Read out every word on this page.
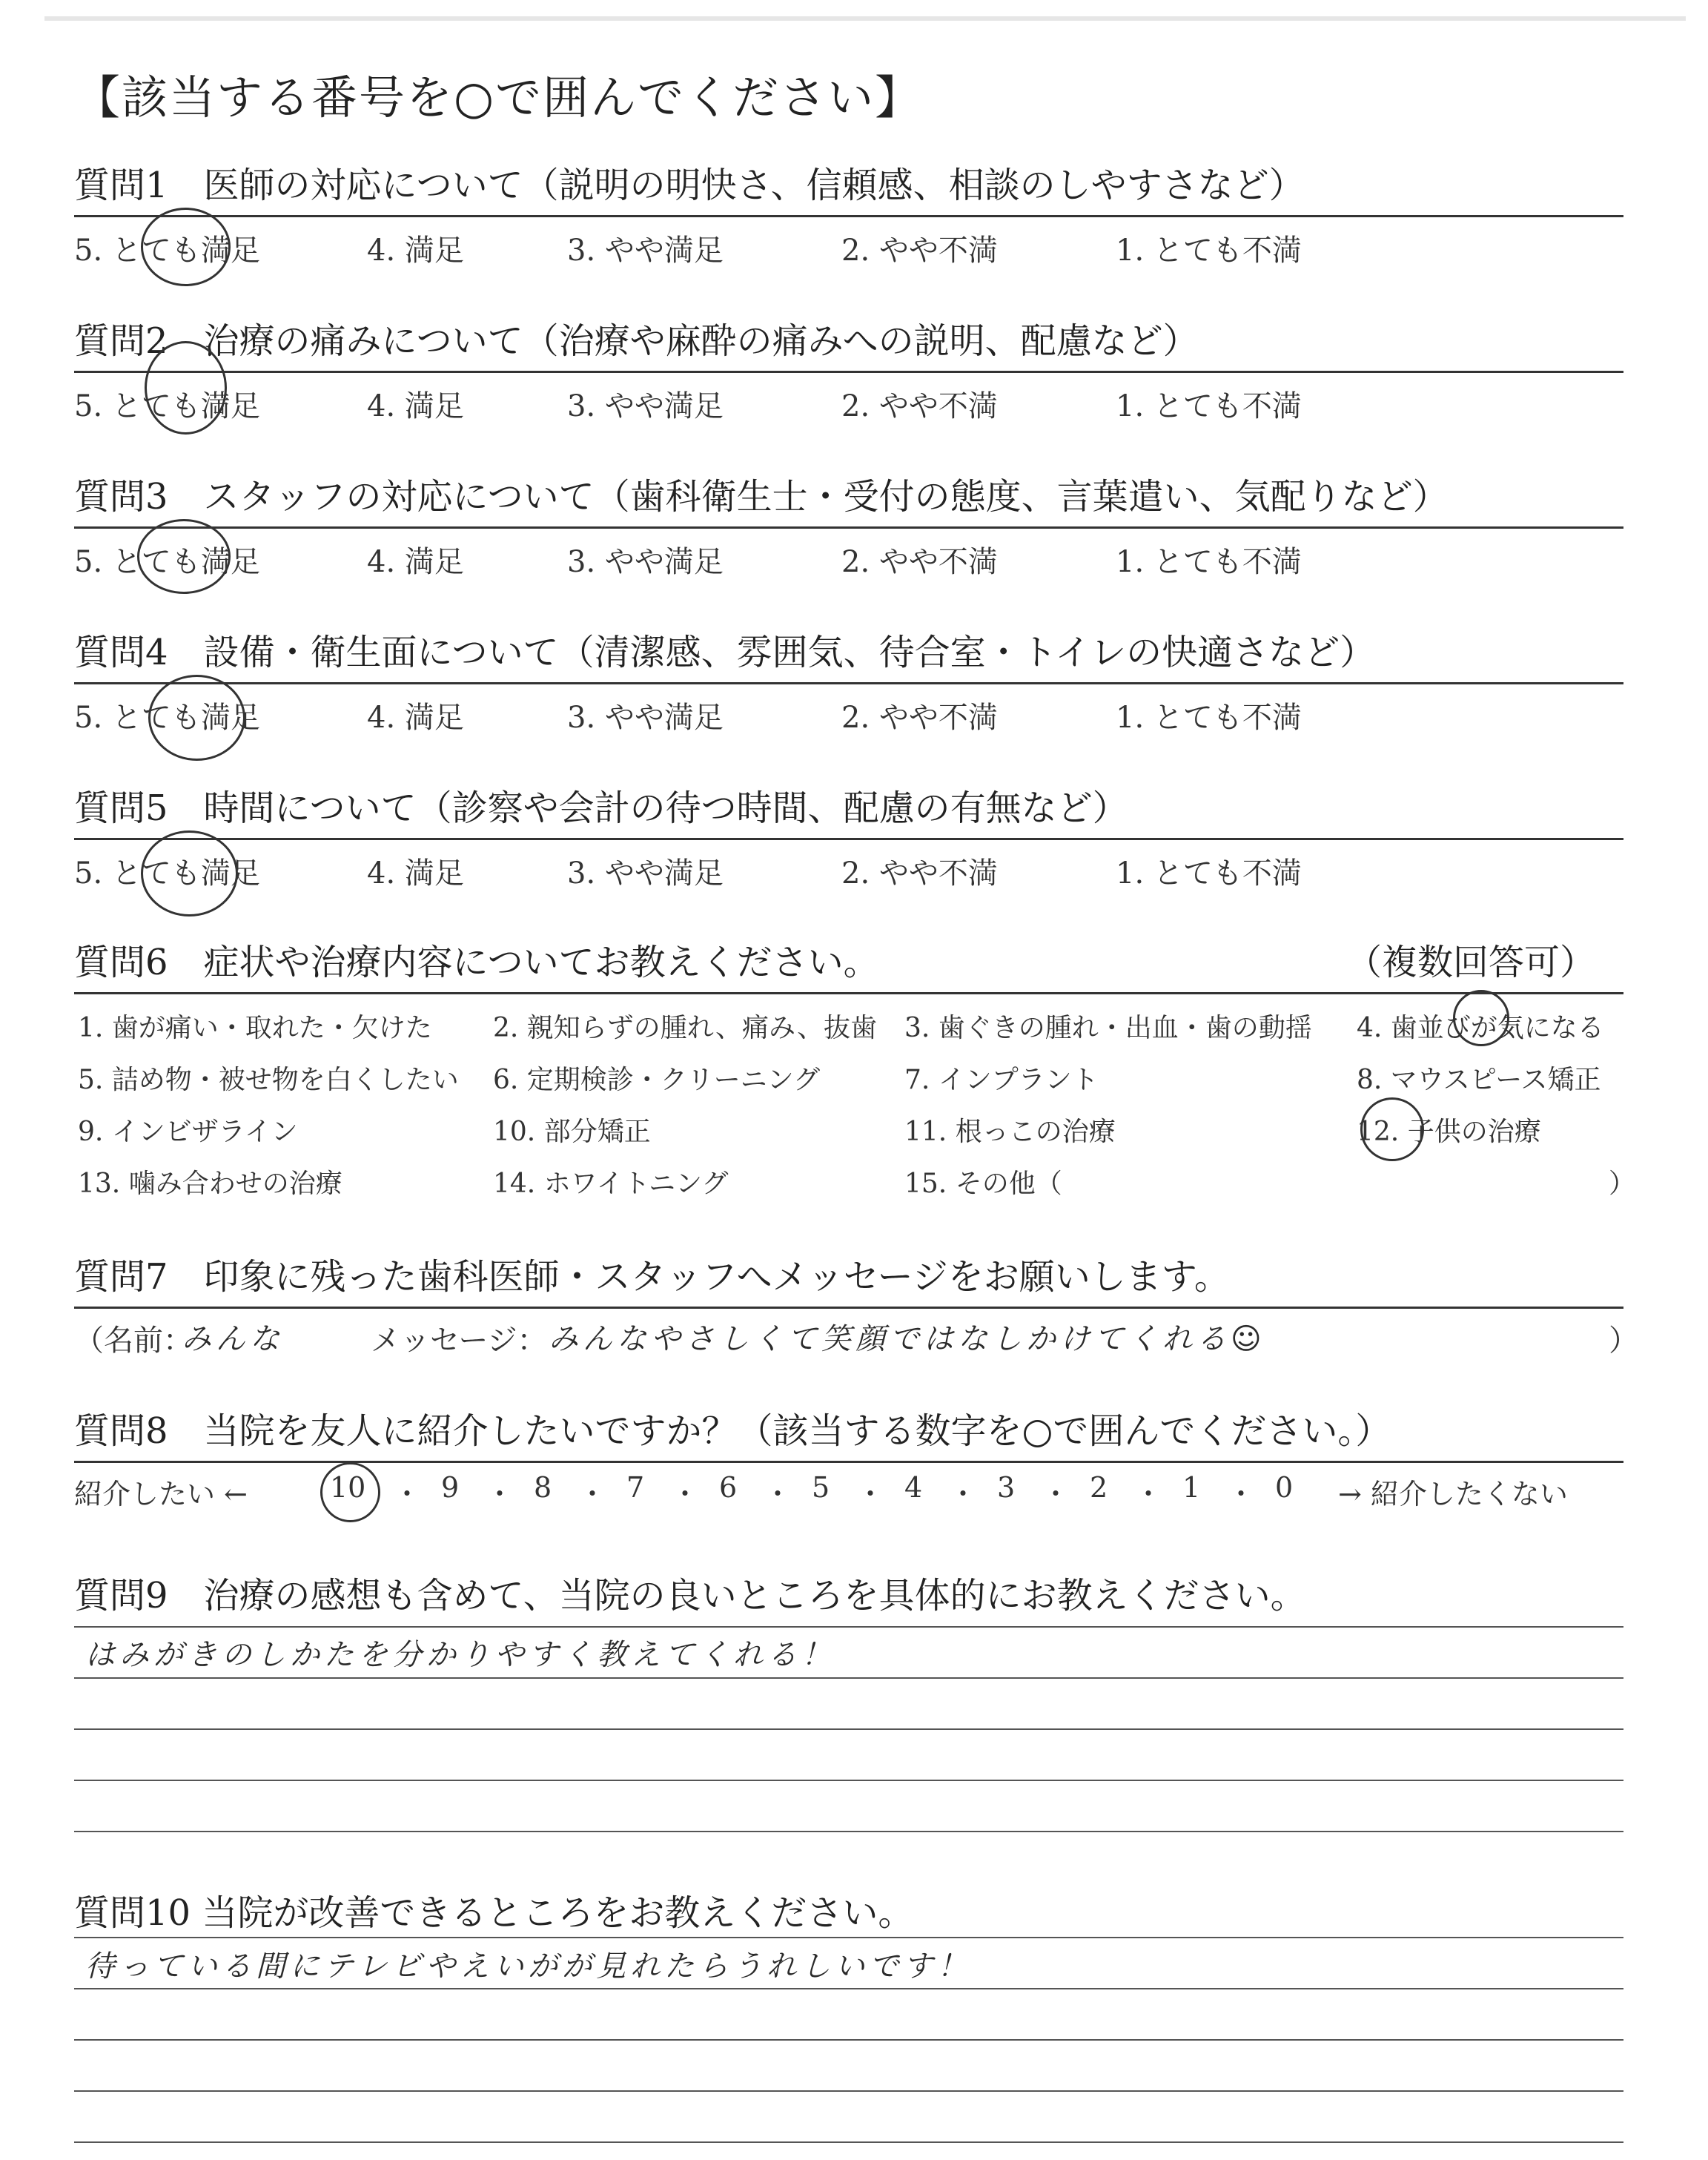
【該当する番号を○で囲んでください】
質問1　医師の対応について（説明の明快さ、信頼感、相談のしやすさなど）
5. とても満足	4. 満足	3. やや満足	2. やや不満	1. とても不満
質問2　治療の痛みについて（治療や麻酔の痛みへの説明、配慮など）
5. とても満足	4. 満足	3. やや満足	2. やや不満	1. とても不満
質問3　スタッフの対応について（歯科衛生士・受付の態度、言葉遣い、気配りなど）
5. とても満足	4. 満足	3. やや満足	2. やや不満	1. とても不満
質問4　設備・衛生面について（清潔感、雰囲気、待合室・トイレの快適さなど）
5. とても満足	4. 満足	3. やや満足	2. やや不満	1. とても不満
質問5　時間について（診察や会計の待つ時間、配慮の有無など）
5. とても満足	4. 満足	3. やや満足	2. やや不満	1. とても不満
質問6　症状や治療内容についてお教えください。	（複数回答可）
1. 歯が痛い・取れた・欠けた 2. 親知らずの腫れ、痛み、抜歯 3. 歯ぐきの腫れ・出血・歯の動揺 4. 歯並びが気になる
5. 詰め物・被せ物を白くしたい 6. 定期検診・クリーニング	7. インプラント	8. マウスピース矯正
9. インビザライン	10. 部分矯正	11. 根っこの治療	12. 子供の治療
13. 噛み合わせの治療	14. ホワイトニング	15. その他（	）
質問7　印象に残った歯科医師・スタッフへメッセージをお願いします。
（名前：
みんな	メッセージ： みんなやさしくて笑顔ではなしかけてくれる☺	）
質問8　当院を友人に紹介したいですか？（該当する数字を○で囲んでください。）
紹介したい ←	10 ・ 9 ・ 8 ・ 7 ・ 6 ・ 5 ・ 4 ・ 3 ・ 2 ・ 1 ・ 0 → 紹介したくない
質問9　治療の感想も含めて、当院の良いところを具体的にお教えください。
はみがきのしかたを分かりやすく教えてくれる！
質問10 当院が改善できるところをお教えください。
待っている間にテレビやえいがが見れたらうれしいです！
